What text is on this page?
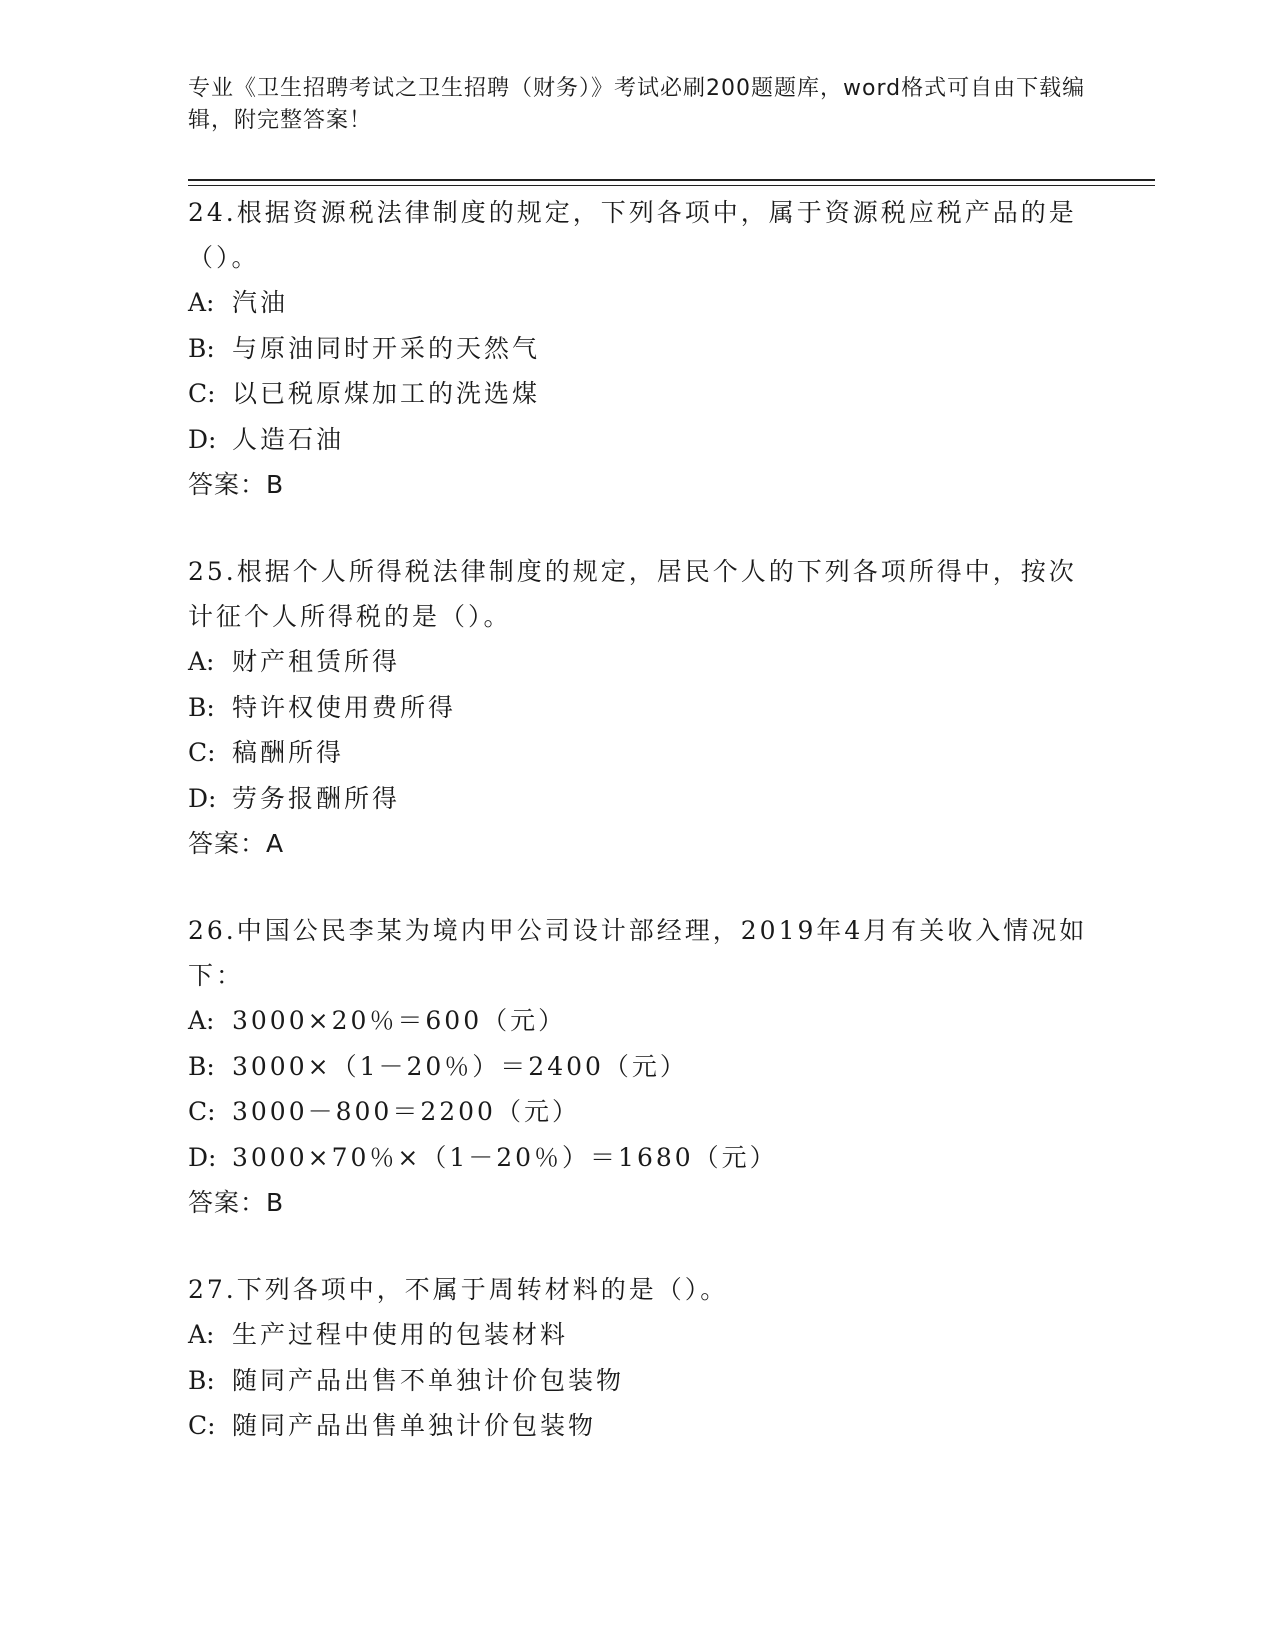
专业《卫生招聘考试之卫生招聘（财务）》考试必刷200题题库，word格式可自由下载编辑，附完整答案！

24.根据资源税法律制度的规定，下列各项中，属于资源税应税产品的是（）。

A: 汽油

B: 与原油同时开采的天然气

C: 以已税原煤加工的洗选煤

D: 人造石油

答案：B

25.根据个人所得税法律制度的规定，居民个人的下列各项所得中，按次计征个人所得税的是（）。

A: 财产租赁所得

B: 特许权使用费所得

C: 稿酬所得

D: 劳务报酬所得

答案：A

26.中国公民李某为境内甲公司设计部经理，2019年4月有关收入情况如下：

A: 3000×20％＝600（元）

B: 3000×（1－20％）＝2400（元）

C: 3000－800＝2200（元）

D: 3000×70％×（1－20％）＝1680（元）

答案：B

27.下列各项中，不属于周转材料的是（）。

A: 生产过程中使用的包装材料

B: 随同产品出售不单独计价包装物

C: 随同产品出售单独计价包装物
